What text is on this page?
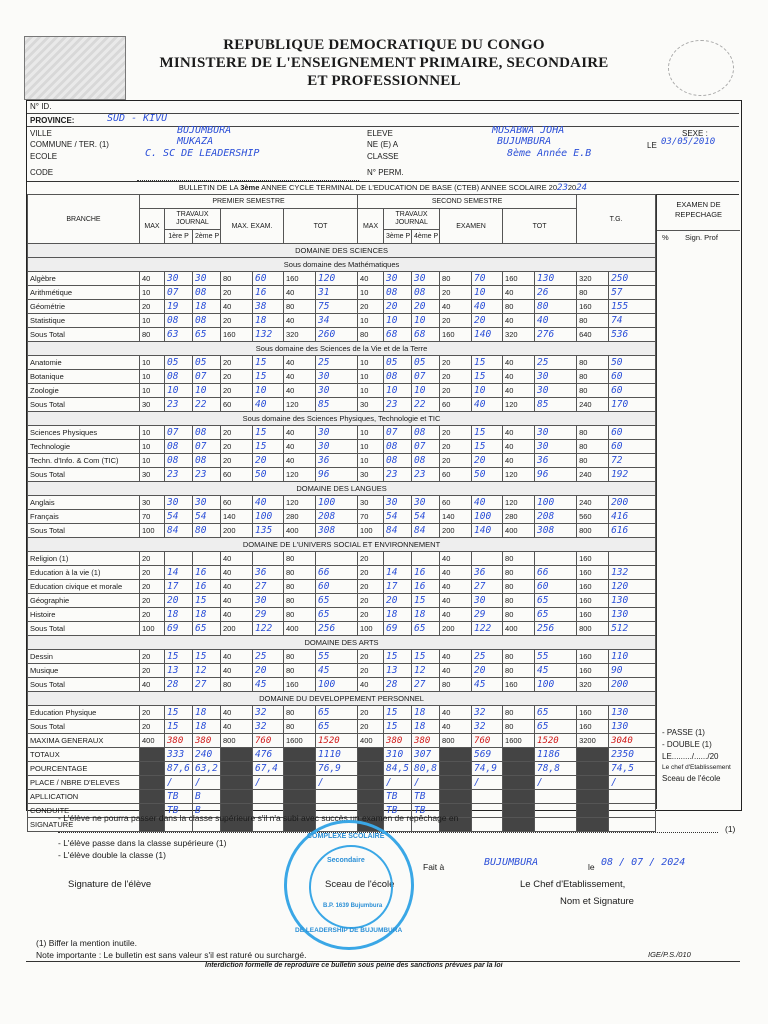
REPUBLIQUE DEMOCRATIQUE DU CONGO
MINISTERE DE L'ENSEIGNEMENT PRIMAIRE, SECONDAIRE
ET PROFESSIONNEL
N° ID.
PROVINCE:	SUD - KIVU
VILLE	BUJUMBURA
COMMUNE / TER. (1)	MUKAZA
ECOLE	C. SC DE LEADERSHIP
CODE
ELEVE	MUSABWA JOHA	SEXE :
NE (E) A	BUJUMBURA	LE 03/05/2010
CLASSE	8ème Année E.B
N° PERM.
BULLETIN DE LA 3ème ANNEE CYCLE TERMINAL DE L'EDUCATION DE BASE (CTEB) ANNEE SCOLAIRE 20232024
BRANCHE	PREMIER SEMESTRE							SECOND SEMESTRE							T.G.	
	MAX	TRAVAUX JOURNAL		MAX. EXAM.		TOT		MAX	TRAVAUX JOURNAL		EXAMEN		TOT			
		1ère P	2ème P						3ème P	4ème P						
DOMAINE DES SCIENCES																
Sous domaine des Mathématiques																
Algèbre	40	30	30	80	60	160	120	40	30	30	80	70	160	130	320	250
Arithmétique	10	07	08	20	16	40	31	10	08	08	20	10	40	26	80	57
Géométrie	20	19	18	40	38	80	75	20	20	20	40	40	80	80	160	155
Statistique	10	08	08	20	18	40	34	10	10	10	20	20	40	40	80	74
Sous Total	80	63	65	160	132	320	260	80	68	68	160	140	320	276	640	536
Sous domaine des Sciences de la Vie et de la Terre																
Anatomie	10	05	05	20	15	40	25	10	05	05	20	15	40	25	80	50
Botanique	10	08	07	20	15	40	30	10	08	07	20	15	40	30	80	60
Zoologie	10	10	10	20	10	40	30	10	10	10	20	10	40	30	80	60
Sous Total	30	23	22	60	40	120	85	30	23	22	60	40	120	85	240	170
Sous domaine des Sciences Physiques, Technologie et TIC																
Sciences Physiques	10	07	08	20	15	40	30	10	07	08	20	15	40	30	80	60
Technologie	10	08	07	20	15	40	30	10	08	07	20	15	40	30	80	60
Techn. d'Info. & Com (TIC)	10	08	08	20	20	40	36	10	08	08	20	20	40	36	80	72
Sous Total	30	23	23	60	50	120	96	30	23	23	60	50	120	96	240	192
DOMAINE DES LANGUES																
Anglais	30	30	30	60	40	120	100	30	30	30	60	40	120	100	240	200
Français	70	54	54	140	100	280	208	70	54	54	140	100	280	208	560	416
Sous Total	100	84	80	200	135	400	308	100	84	84	200	140	400	308	800	616
DOMAINE DE L'UNIVERS SOCIAL ET ENVIRONNEMENT																
Religion (1)	20			40		80		20			40		80		160	
Education à la vie (1)	20	14	16	40	36	80	66	20	14	16	40	36	80	66	160	132
Education civique et morale	20	17	16	40	27	80	60	20	17	16	40	27	80	60	160	120
Géographie	20	20	15	40	30	80	65	20	20	15	40	30	80	65	160	130
Histoire	20	18	18	40	29	80	65	20	18	18	40	29	80	65	160	130
Sous Total	100	69	65	200	122	400	256	100	69	65	200	122	400	256	800	512
DOMAINE DES ARTS																
Dessin	20	15	15	40	25	80	55	20	15	15	40	25	80	55	160	110
Musique	20	13	12	40	20	80	45	20	13	12	40	20	80	45	160	90
Sous Total	40	28	27	80	45	160	100	40	28	27	80	45	160	100	320	200
DOMAINE DU DEVELOPPEMENT PERSONNEL																
Education Physique	20	15	18	40	32	80	65	20	15	18	40	32	80	65	160	130
Sous Total	20	15	18	40	32	80	65	20	15	18	40	32	80	65	160	130
MAXIMA GENERAUX	400	380	380	800	760	1600	1520	400	380	380	800	760	1600	1520	3200	3040
TOTAUX		333	240		476		1110		310	307		569		1186		2350
POURCENTAGE		87,6	63,2		67,4		76,9		84,5	80,8		74,9		78,8		74,5
PLACE / NBRE D'ELEVES		/	/		/		/		/	/		/		/		/
APLLICATION		TB	B						TB	TB						
CONDUITE		TB	B						TB	TB						
SIGNATURE																
EXAMEN DE REPECHAGE
% Sign. Prof
- PASSE (1)
- DOUBLE (1)
LE........./....../20
Le chef d'Etablissement
Sceau de l'école
- L'élève ne pourra passer dans la classe supérieure s'il n'a subi avec succès un examen de repêchage en
(1)
- L'élève passe dans la classe supérieure (1)
- L'élève double la classe (1)
Fait à	BUJUMBURA	le 08 / 07 / 2024
Signature de l'élève	Sceau de l'école	Le Chef d'Etablissement,
Nom et Signature
COMPLEXE SCOLAIRE
Secondaire
B.P. 1639 Bujumbura
DE LEADERSHIP DE BUJUMBURA
(1) Biffer la mention inutile.
Note importante : Le bulletin est sans valeur s'il est raturé ou surchargé.
Interdiction formelle de reproduire ce bulletin sous peine des sanctions prévues par la loi
IGE/P.S./010
